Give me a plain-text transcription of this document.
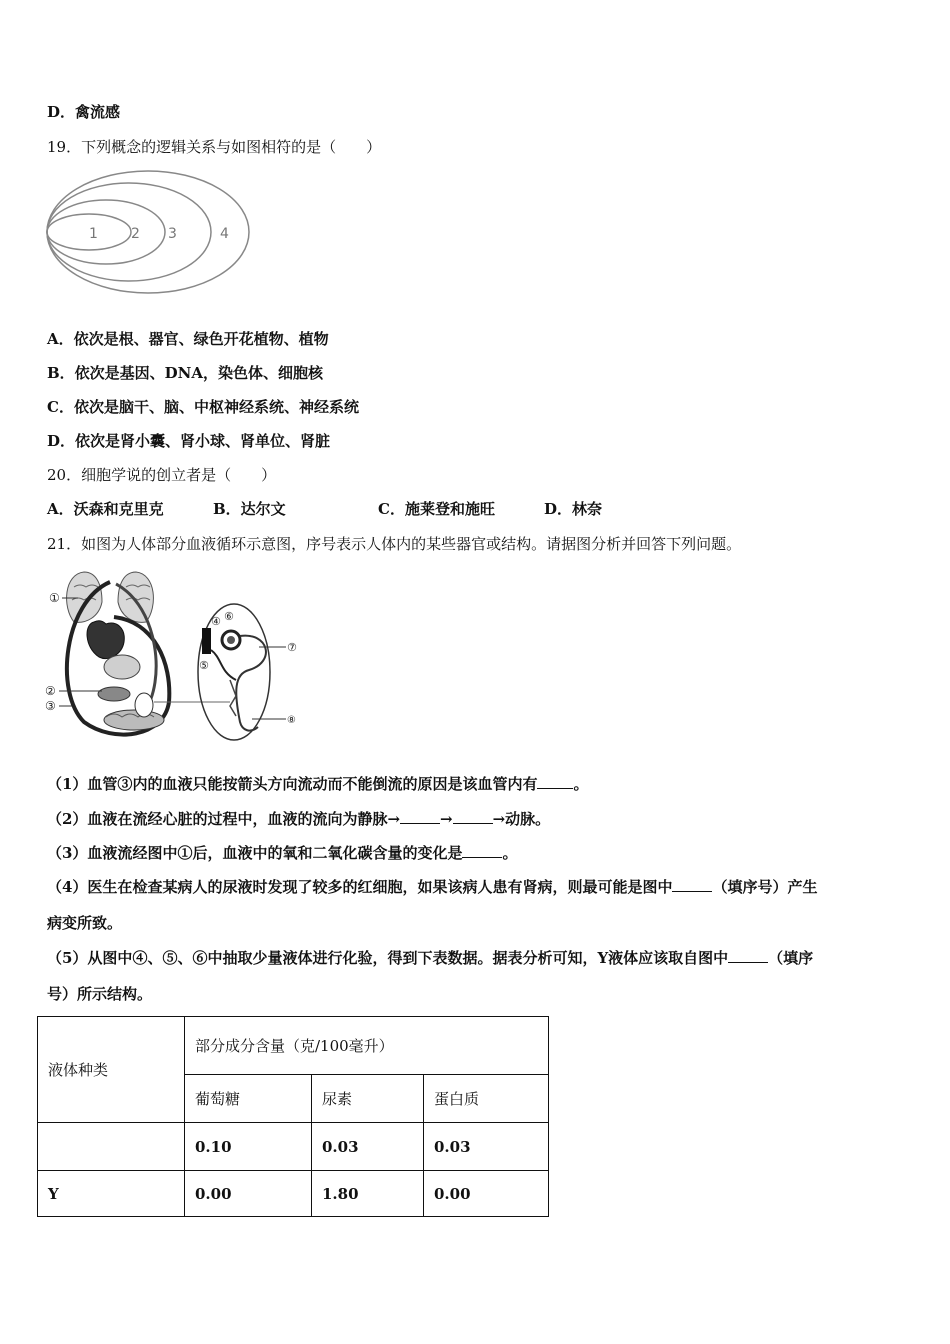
D．禽流感
19．下列概念的逻辑关系与如图相符的是（　　）
1 2 3	4
A．依次是根、器官、绿色开花植物、植物
B．依次是基因、DNA，染色体、细胞核
C．依次是脑干、脑、中枢神经系统、神经系统
D．依次是肾小囊、肾小球、肾单位、肾脏
20．细胞学说的创立者是（　　）
A．沃森和克里克	B．达尔文	C．施莱登和施旺	D．林奈
21．如图为人体部分血液循环示意图，序号表示人体内的某些器官或结构。请据图分析并回答下列问题。
①
②
③
④ ⑥
⑤
⑦
⑧
（1）血管③内的血液只能按箭头方向流动而不能倒流的原因是该血管内有 。
（2）血液在流经心脏的过程中，血液的流向为静脉→	→	→动脉。
（3）血液流经图中①后，血液中的氧和二氧化碳含量的变化是	。
（4）医生在检查某病人的尿液时发现了较多的红细胞，如果该病人患有肾病，则最可能是图中	（填序号）产生
病变所致。
（5）从图中④、⑤、⑥中抽取少量液体进行化验，得到下表数据。据表分析可知，Y液体应该取自图中	（填序
号）所示结构。
液体种类	部分成分含量（克/100毫升）		
	葡萄糖	尿素	蛋白质
	0.10	0.03	0.03
Y	0.00	1.80	0.00
